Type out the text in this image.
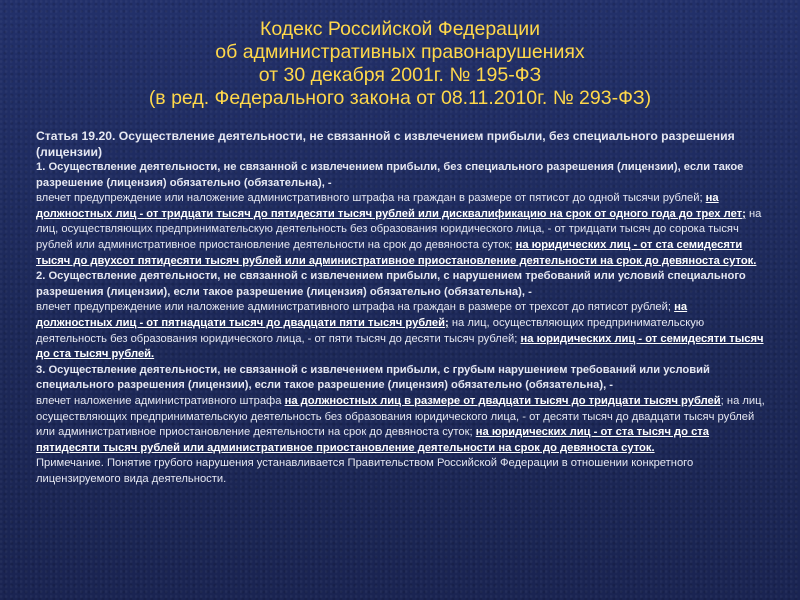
Кодекс Российской Федерации
об административных правонарушениях
от 30 декабря 2001г. № 195-ФЗ
(в ред. Федерального закона от 08.11.2010г. № 293-ФЗ)
Статья 19.20. Осуществление деятельности, не связанной с извлечением прибыли, без специального разрешения (лицензии)

1. Осуществление деятельности, не связанной с извлечением прибыли, без специального разрешения (лицензии), если такое разрешение (лицензия) обязательно (обязательна), -
влечет предупреждение или наложение административного штрафа на граждан в размере от пятисот до одной тысячи рублей; на должностных лиц - от тридцати тысяч до пятидесяти тысяч рублей или дисквалификацию на срок от одного года до трех лет; на лиц, осуществляющих предпринимательскую деятельность без образования юридического лица, - от тридцати тысяч до сорока тысяч рублей или административное приостановление деятельности на срок до девяноста суток; на юридических лиц - от ста семидесяти тысяч до двухсот пятидесяти тысяч рублей или административное приостановление деятельности на срок до девяноста суток.

2. Осуществление деятельности, не связанной с извлечением прибыли, с нарушением требований или условий специального разрешения (лицензии), если такое разрешение (лицензия) обязательно (обязательна), -
влечет предупреждение или наложение административного штрафа на граждан в размере от трехсот до пятисот рублей; на должностных лиц - от пятнадцати тысяч до двадцати пяти тысяч рублей; на лиц, осуществляющих предпринимательскую деятельность без образования юридического лица, - от пяти тысяч до десяти тысяч рублей; на юридических лиц - от семидесяти тысяч до ста тысяч рублей.

3. Осуществление деятельности, не связанной с извлечением прибыли, с грубым нарушением требований или условий специального разрешения (лицензии), если такое разрешение (лицензия) обязательно (обязательна), -
влечет наложение административного штрафа на должностных лиц в размере от двадцати тысяч до тридцати тысяч рублей; на лиц, осуществляющих предпринимательскую деятельность без образования юридического лица, - от десяти тысяч до двадцати тысяч рублей или административное приостановление деятельности на срок до девяноста суток; на юридических лиц - от ста тысяч до ста пятидесяти тысяч рублей или административное приостановление деятельности на срок до девяноста суток.

Примечание. Понятие грубого нарушения устанавливается Правительством Российской Федерации в отношении конкретного лицензируемого вида деятельности.
